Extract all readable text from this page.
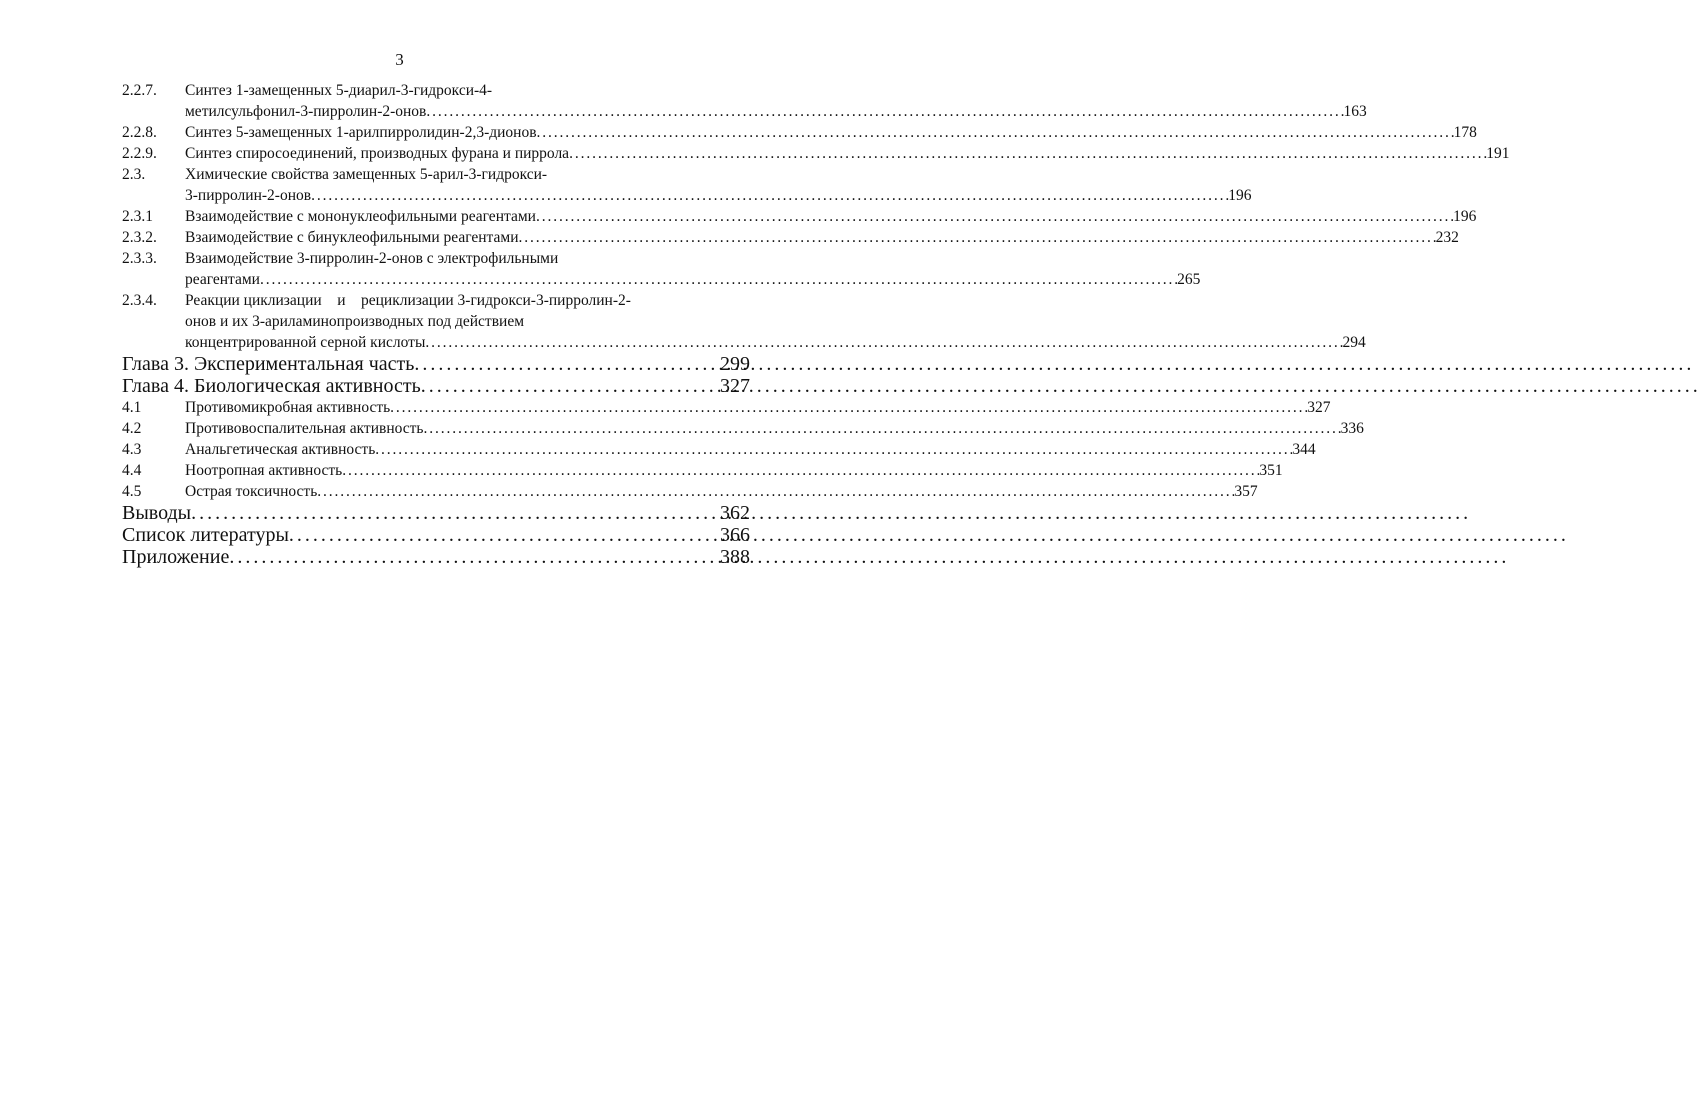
3
2.2.7.	Синтез 1-замещенных 5-диарил-3-гидрокси-4-
метилсульфонил-3-пирролин-2-онов . . .	163
2.2.8.	Синтез 5-замещенных 1-арилпирролидин-2,3-дионов . . .	178
2.2.9.	Синтез спиросоединений, производных фурана и пиррола . . .	191
2.3.	Химические свойства замещенных 5-арил-3-гидрокси-
3-пирролин-2-онов . . .	196
2.3.1	Взаимодействие с мононуклеофильными реагентами . . .	196
2.3.2.	Взаимодействие с бинуклеофильными реагентами . . .	232
2.3.3.	Взаимодействие 3-пирролин-2-онов с электрофильными
реагентами . . .	265
2.3.4.	Реакции циклизации    и    рециклизации 3-гидрокси-3-пирролин-2-
онов и их 3-ариламинопроизводных под действием
концентрированной серной кислоты . . .	294
Глава 3. Экспериментальная часть . . .	299
Глава 4. Биологическая активность . . .	327
4.1	Противомикробная активность . . .	327
4.2	Противовоспалительная активность . . .	336
4.3	Анальгетическая активность . . .	344
4.4	Ноотропная активность . . .	351
4.5	Острая токсичность . . .	357
Выводы . . .	362
Список литературы . . .	366
Приложение . . .	388
